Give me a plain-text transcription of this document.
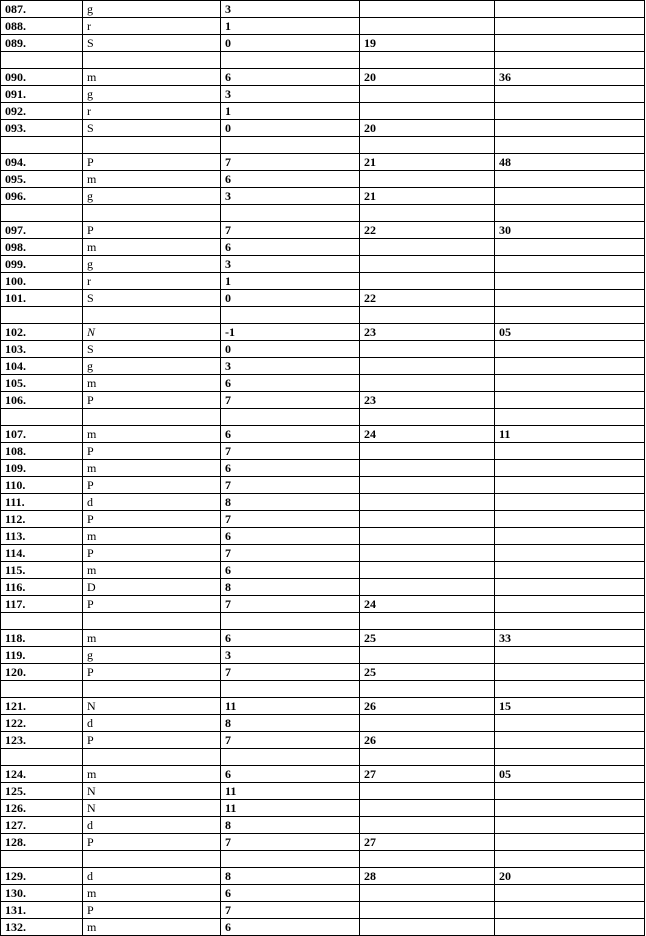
087.	g	3		
088.	r	1		
089.	S	0	19	

090.	m	6	20	36
091.	g	3		
092.	r	1		
093.	S	0	20	

094.	P	7	21	48
095.	m	6		
096.	g	3	21	

097.	P	7	22	30
098.	m	6		
099.	g	3		
100.	r	1		
101.	S	0	22	

102.	N	-1	23	05
103.	S	0		
104.	g	3		
105.	m	6		
106.	P	7	23	

107.	m	6	24	11
108.	P	7		
109.	m	6		
110.	P	7		
111.	d	8		
112.	P	7		
113.	m	6		
114.	P	7		
115.	m	6		
116.	D	8		
117.	P	7	24	

118.	m	6	25	33
119.	g	3		
120.	P	7	25	

121.	N	11	26	15
122.	d	8		
123.	P	7	26	

124.	m	6	27	05
125.	N	11		
126.	N	11		
127.	d	8		
128.	P	7	27	

129.	d	8	28	20
130.	m	6		
131.	P	7		
132.	m	6		
